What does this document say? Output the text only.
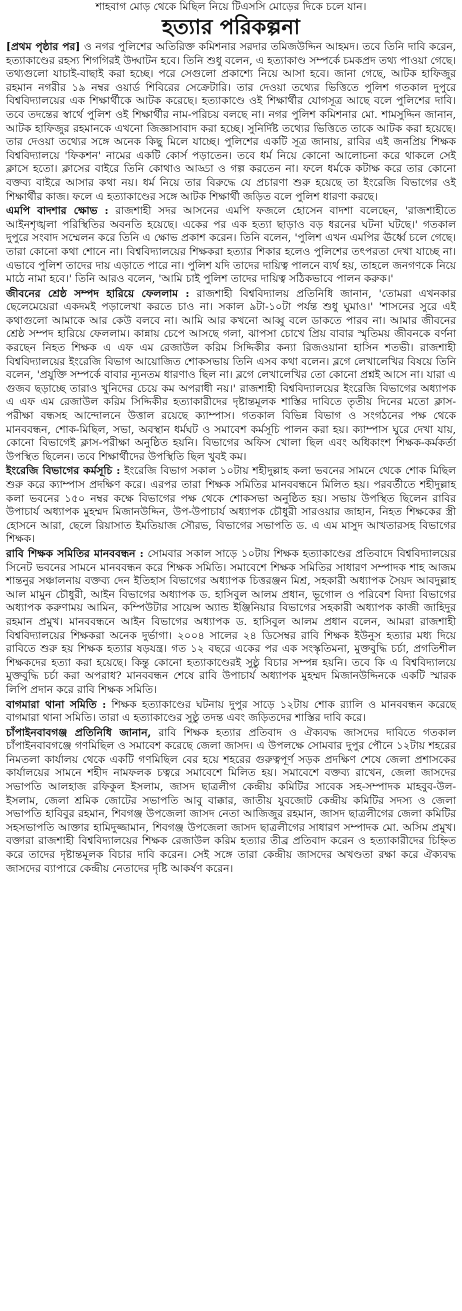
শাহবাগ মোড় থেকে মিছিল নিয়ে টিএসসি মোড়ের দিকে চলে যান।
হত্যার পরিকল্পনা

[প্রথম পৃষ্ঠার পর] ও নগর পুলিশের অতিরিক্ত কমিশনার সরদার তমিজউদ্দিন আহমদ। তবে তিনি দাবি করেন, হত্যাকাণ্ডের রহস্য শিগগিরই উদ্ঘাটন হবে। তিনি শুধু বলেন, এ হত্যাকাণ্ড সম্পর্কে চমকপ্রদ তথ্য পাওয়া গেছে। তথ্যগুলো যাচাই-বাছাই করা হচ্ছে। পরে সেগুলো প্রকাশ্যে নিয়ে আসা হবে। জানা গেছে, আটক হাফিজুর রহমান নগরীর ১৯ নম্বর ওয়ার্ড শিবিরের সেক্রেটারি। তার দেওয়া তথ্যের ভিত্তিতে পুলিশ গতকাল দুপুরে বিশ্ববিদ্যালয়ের এক শিক্ষার্থীকে আটক করেছে। হত্যাকাণ্ডে ওই শিক্ষার্থীর যোগসূত্র আছে বলে পুলিশের দাবি। তবে তদন্তের স্বার্থে পুলিশ ওই শিক্ষার্থীর নাম-পরিচয় বলছে না। নগর পুলিশ কমিশনার মো. শামসুদ্দিন জানান, আটক হাফিজুর রহমানকে এখনো জিজ্ঞাসাবাদ করা হচ্ছে। সুনির্দিষ্ট তথ্যের ভিত্তিতে তাকে আটক করা হয়েছে। তার দেওয়া তথ্যের সঙ্গে অনেক কিছু মিলে যাচ্ছে। পুলিশের একটি সূত্র জানায়, রাবির এই জনপ্রিয় শিক্ষক বিশ্ববিদ্যালয়ে 'ফিকশন' নামের একটি কোর্স পড়াতেন। তবে ধর্ম নিয়ে কোনো আলোচনা করে থাকলে সেই ক্লাসে হতো। ক্লাসের বাইরে তিনি কোথাও আড্ডা ও গল্প করতেন না। ফলে ধর্মকে কটাক্ষ করে তার কোনো বক্তব্য বাইরে আসার কথা নয়। ধর্ম নিয়ে তার বিরুদ্ধে যে প্রচারণা শুরু হয়েছে তা ইংরেজি বিভাগের ওই শিক্ষার্থীর কাজ। ফলে এ হত্যাকাণ্ডের সঙ্গে আটক শিক্ষার্থী জড়িত বলে পুলিশ ধারণা করছে।

এমপি বাদশার ক্ষোভ : রাজশাহী সদর আসনের এমপি ফজলে হোসেন বাদশা বলেছেন, 'রাজশাহীতে আইনশৃঙ্খলা পরিস্থিতির অবনতি হয়েছে। একের পর এক হত্যা ছাড়াও বড় ধরনের ঘটনা ঘটছে।' গতকাল দুপুরে সংবাদ সম্মেলন করে তিনি এ ক্ষোভ প্রকাশ করেন। তিনি বলেন, 'পুলিশ এখন এমপির ঊর্ধ্বে চলে গেছে। তারা কোনো কথা শোনে না। বিশ্ববিদ্যালয়ের শিক্ষকরা হত্যার শিকার হলেও পুলিশের তৎপরতা দেখা যাচ্ছে না। এভাবে পুলিশ তাদের দায় এড়াতে পারে না। পুলিশ যদি তাদের দায়িত্ব পালনে ব্যর্থ হয়, তাহলে জনগণকে নিয়ে মাঠে নামা হবে।' তিনি আরও বলেন, 'আমি চাই পুলিশ তাদের দায়িত্ব সঠিকভাবে পালন করুক।'

জীবনের শ্রেষ্ঠ সম্পদ হারিয়ে ফেললাম : রাজশাহী বিশ্ববিদ্যালয় প্রতিনিধি জানান, 'তোমরা এখনকার ছেলেমেয়েরা একদমই পড়ালেখা করতে চাও না। সকাল ৯টা-১০টা পর্যন্ত শুধু ঘুমাও।' 'শাসনের সুরে এই কথাগুলো আমাকে আর কেউ বলবে না। আমি আর কখনো আব্বু বলে ডাকতে পারব না। আমার জীবনের শ্রেষ্ঠ সম্পদ হারিয়ে ফেললাম। কান্নায় চেপে আসছে গলা, ঝাপসা চোখে প্রিয় বাবার স্মৃতিময় জীবনকে বর্ণনা করছেন নিহত শিক্ষক এ এফ এম রেজাউল করিম সিদ্দিকীর কন্যা রিজওয়ানা হাসিন শতভী। রাজশাহী বিশ্ববিদ্যালয়ের ইংরেজি বিভাগ আয়োজিত শোকসভায় তিনি এসব কথা বলেন। ব্লগে লেখালেখির বিষয়ে তিনি বলেন, 'প্রযুক্তি সম্পর্কে বাবার ন্যূনতম ধারণাও ছিল না। ব্লগে লেখালেখির তো কোনো প্রশ্নই আসে না। যারা এ গুজব ছড়াচ্ছে তারাও খুনিদের চেয়ে কম অপরাধী নয়।' রাজশাহী বিশ্ববিদ্যালয়ের ইংরেজি বিভাগের অধ্যাপক এ এফ এম রেজাউল করিম সিদ্দিকীর হত্যাকারীদের দৃষ্টান্তমূলক শাস্তির দাবিতে তৃতীয় দিনের মতো ক্লাস-পরীক্ষা বন্ধসহ আন্দোলনে উত্তাল রয়েছে ক্যাম্পাস। গতকাল বিভিন্ন বিভাগ ও সংগঠনের পক্ষ থেকে মানববন্ধন, শোক-মিছিল, সভা, অবস্থান ধর্মঘট ও সমাবেশ কর্মসূচি পালন করা হয়। ক্যাম্পাস ঘুরে দেখা যায়, কোনো বিভাগেই ক্লাস-পরীক্ষা অনুষ্ঠিত হয়নি। বিভাগের অফিস খোলা ছিল এবং অধিকাংশ শিক্ষক-কর্মকর্তা উপস্থিত ছিলেন। তবে শিক্ষার্থীদের উপস্থিতি ছিল খুবই কম।

ইংরেজি বিভাগের কর্মসূচি : ইংরেজি বিভাগ সকাল ১০টায় শহীদুল্লাহ কলা ভবনের সামনে থেকে শোক মিছিল শুরু করে ক্যাম্পাস প্রদক্ষিণ করে। এরপর তারা শিক্ষক সমিতির মানববন্ধনে মিলিত হয়। পরবর্তীতে শহীদুল্লাহ কলা ভবনের ১৫০ নম্বর কক্ষে বিভাগের পক্ষ থেকে শোকসভা অনুষ্ঠিত হয়। সভায় উপস্থিত ছিলেন রাবির উপাচার্য অধ্যাপক মুহম্মদ মিজানউদ্দিন, উপ-উপাচার্য অধ্যাপক চৌধুরী সারওয়ার জাহান, নিহত শিক্ষকের স্ত্রী হোসনে আরা, ছেলে রিয়াসাত ইমতিয়াজ সৌরভ, বিভাগের সভাপতি ড. এ এম মাসুদ আখতারসহ বিভাগের শিক্ষক।

রাবি শিক্ষক সমিতির মানববন্ধন : সোমবার সকাল সাড়ে ১০টায় শিক্ষক হত্যাকাণ্ডের প্রতিবাদে বিশ্ববিদ্যালয়ের সিনেট ভবনের সামনে মানববন্ধন করে শিক্ষক সমিতি। সমাবেশে শিক্ষক সমিতির সাধারণ সম্পাদক শাহ আজম শান্তনুর সঞ্চালনায় বক্তব্য দেন ইতিহাস বিভাগের অধ্যাপক চিত্তরঞ্জন মিশ্র, সহকারী অধ্যাপক সৈয়দ আবদুল্লাহ আল মামুন চৌধুরী, আইন বিভাগের অধ্যাপক ড. হাসিবুল আলম প্রধান, ভূগোল ও পরিবেশ বিদ্যা বিভাগের অধ্যাপক করুণাময় আমিন, কম্পিউটার সায়েন্স অ্যান্ড ইঞ্জিনিয়ার বিভাগের সহকারী অধ্যাপক কাজী জাহিদুর রহমান প্রমুখ। মানববন্ধনে আইন বিভাগের অধ্যাপক ড. হাসিবুল আলম প্রধান বলেন, আমরা রাজশাহী বিশ্ববিদ্যালয়ের শিক্ষকরা অনেক দুর্ভাগা। ২০০৪ সালের ২৪ ডিসেম্বর রাবি শিক্ষক ইউনুস হত্যার মধ্য দিয়ে রাবিতে শুরু হয় শিক্ষক হত্যার ষড়যন্ত্র। গত ১২ বছরে একের পর এক সংস্কৃতিমনা, মুক্তবুদ্ধি চর্চা, প্রগতিশীল শিক্ষকদের হত্যা করা হয়েছে। কিন্তু কোনো হত্যাকাণ্ডেরই সুষ্ঠু বিচার সম্পন্ন হয়নি। তবে কি এ বিশ্ববিদ্যালয়ে মুক্তবুদ্ধি চর্চা করা অপরাধ? মানববন্ধন শেষে রাবি উপাচার্য অধ্যাপক মুহম্মদ মিজানউদ্দিনকে একটি স্মারক লিপি প্রদান করে রাবি শিক্ষক সমিতি।

বাগমারা থানা সমিতি : শিক্ষক হত্যাকাণ্ডের ঘটনায় দুপুর সাড়ে ১২টায় শোক র‌্যালি ও মানববন্ধন করেছে বাগমারা থানা সমিতি। তারা এ হত্যাকাণ্ডের সুষ্ঠু তদন্ত এবং জড়িতদের শাস্তির দাবি করে।

চাঁপাইনবাবগঞ্জ প্রতিনিধি জানান, রাবি শিক্ষক হত্যার প্রতিবাদ ও ঐক্যবদ্ধ জাসদের দাবিতে গতকাল চাঁপাইনবাবগঞ্জে গণমিছিল ও সমাবেশ করেছে জেলা জাসদ। এ উপলক্ষে সোমবার দুপুর পৌনে ১২টায় শহরের নিমতলা কার্যালয় থেকে একটি গণমিছিল বের হয়ে শহরের গুরুত্বপূর্ণ সড়ক প্রদক্ষিণ শেষে জেলা প্রশাসকের কার্যালয়ের সামনে শহীদ নামফলক চত্বরে সমাবেশে মিলিত হয়। সমাবেশে বক্তব্য রাখেন, জেলা জাসদের সভাপতি আলহাজ রফিকুল ইসলাম, জাসদ ছাত্রলীগ কেন্দ্রীয় কমিটির সাবেক সহ-সম্পাদক মাহবুব-উল-ইসলাম, জেলা শ্রমিক জোটের সভাপতি আবু বাক্কার, জাতীয় যুবজোট কেন্দ্রীয় কমিটির সদস্য ও জেলা সভাপতি হাবিবুর রহমান, শিবগঞ্জ উপজেলা জাসদ নেতা আজিজুর রহমান, জাসদ ছাত্রলীগের জেলা কমিটির সহসভাপতি আক্তার হামিদুজ্জামান, শিবগঞ্জ উপজেলা জাসদ ছাত্রলীগের সাধারণ সম্পাদক মো. অসিম প্রমুখ। বক্তারা রাজশাহী বিশ্ববিদ্যালয়ের শিক্ষক রেজাউল করিম হত্যার তীব্র প্রতিবাদ করেন ও হত্যাকারীদের চিহ্নিত করে তাদের দৃষ্টান্তমূলক বিচার দাবি করেন। সেই সঙ্গে তারা কেন্দ্রীয় জাসদের অখণ্ডতা রক্ষা করে ঐক্যবদ্ধ জাসদের ব্যাপারে কেন্দ্রীয় নেতাদের দৃষ্টি আকর্ষণ করেন।
